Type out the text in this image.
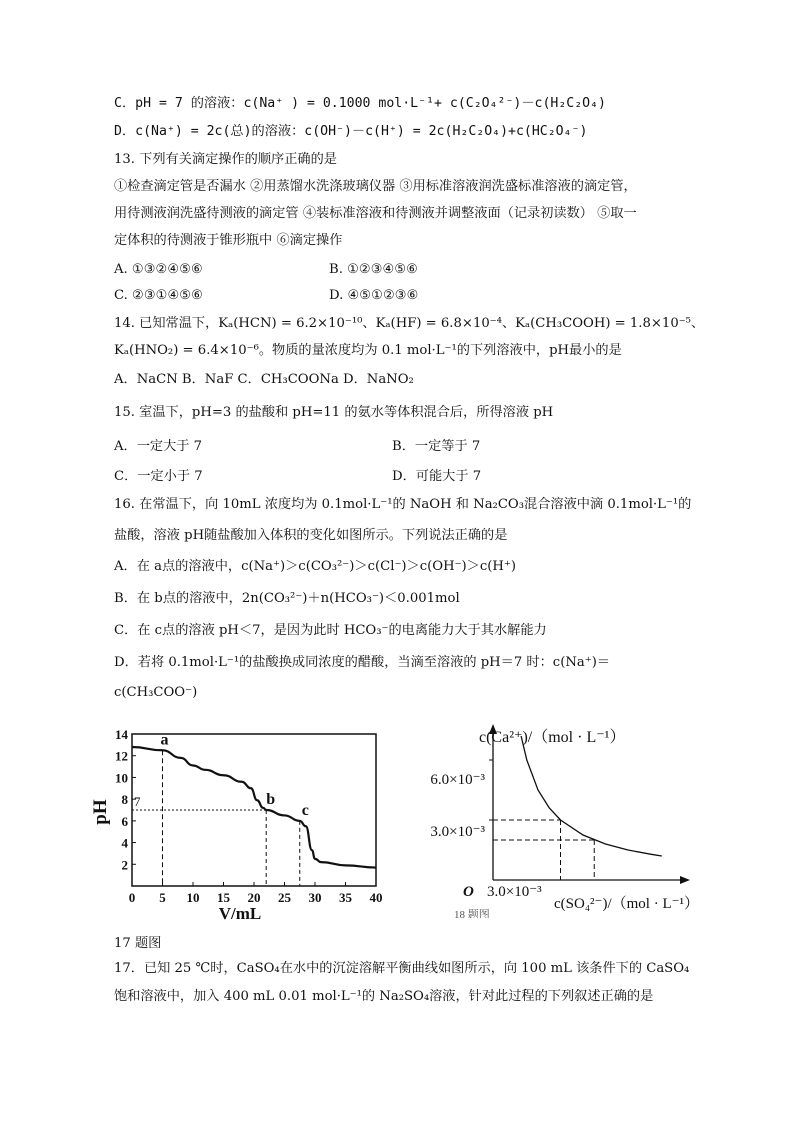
C．pH = 7 的溶液：c(Na⁺ ) = 0.1000 mol·L⁻¹+ c(C₂O₄²⁻)－c(H₂C₂O₄)
D．c(Na⁺) = 2c(总)的溶液：c(OH⁻)－c(H⁺) = 2c(H₂C₂O₄)+c(HC₂O₄⁻)
13. 下列有关滴定操作的顺序正确的是
①检查滴定管是否漏水 ②用蒸馏水洗涤玻璃仪器 ③用标准溶液润洗盛标准溶液的滴定管，
用待测液润洗盛待测液的滴定管 ④装标准溶液和待测液并调整液面（记录初读数） ⑤取一
定体积的待测液于锥形瓶中 ⑥滴定操作
A. ①③②④⑤⑥	B. ①②③④⑤⑥
C. ②③①④⑤⑥	D. ④⑤①②③⑥
14. 已知常温下，Kₐ(HCN) = 6.2×10⁻¹⁰、Kₐ(HF) = 6.8×10⁻⁴、Kₐ(CH₃COOH) = 1.8×10⁻⁵、
Kₐ(HNO₂) = 6.4×10⁻⁶。物质的量浓度均为 0.1 mol·L⁻¹的下列溶液中，pH最小的是
A．NaCN B．NaF C．CH₃COONa D．NaNO₂
15. 室温下，pH=3 的盐酸和 pH=11 的氨水等体积混合后，所得溶液 pH
A．一定大于 7	B．一定等于 7
C．一定小于 7	D．可能大于 7
16. 在常温下，向 10mL 浓度均为 0.1mol·L⁻¹的 NaOH 和 Na₂CO₃混合溶液中滴 0.1mol·L⁻¹的
盐酸，溶液 pH随盐酸加入体积的变化如图所示。下列说法正确的是
A．在 a点的溶液中，c(Na⁺)＞c(CO₃²⁻)＞c(Cl⁻)＞c(OH⁻)＞c(H⁺)
B．在 b点的溶液中，2n(CO₃²⁻)＋n(HCO₃⁻)＜0.001mol
C．在 c点的溶液 pH＜7，是因为此时 HCO₃⁻的电离能力大于其水解能力
D．若将 0.1mol·L⁻¹的盐酸换成同浓度的醋酸，当滴至溶液的 pH＝7 时：c(Na⁺)＝
c(CH₃COO⁻)
14
12
10
8
6
4
2
0 5 10 15 20 25 30 35 40
pH
V/mL
7
a
b
c
c(Ca²⁺)/（mol · L⁻¹）
O
6.0×10⁻³
3.0×10⁻³
3.0×10⁻³
c(SO₄²⁻)/（mol · L⁻¹）
18 题图
17 题图
17．已知 25 ℃时，CaSO₄在水中的沉淀溶解平衡曲线如图所示，向 100 mL 该条件下的 CaSO₄
饱和溶液中，加入 400 mL 0.01 mol·L⁻¹的 Na₂SO₄溶液，针对此过程的下列叙述正确的是
